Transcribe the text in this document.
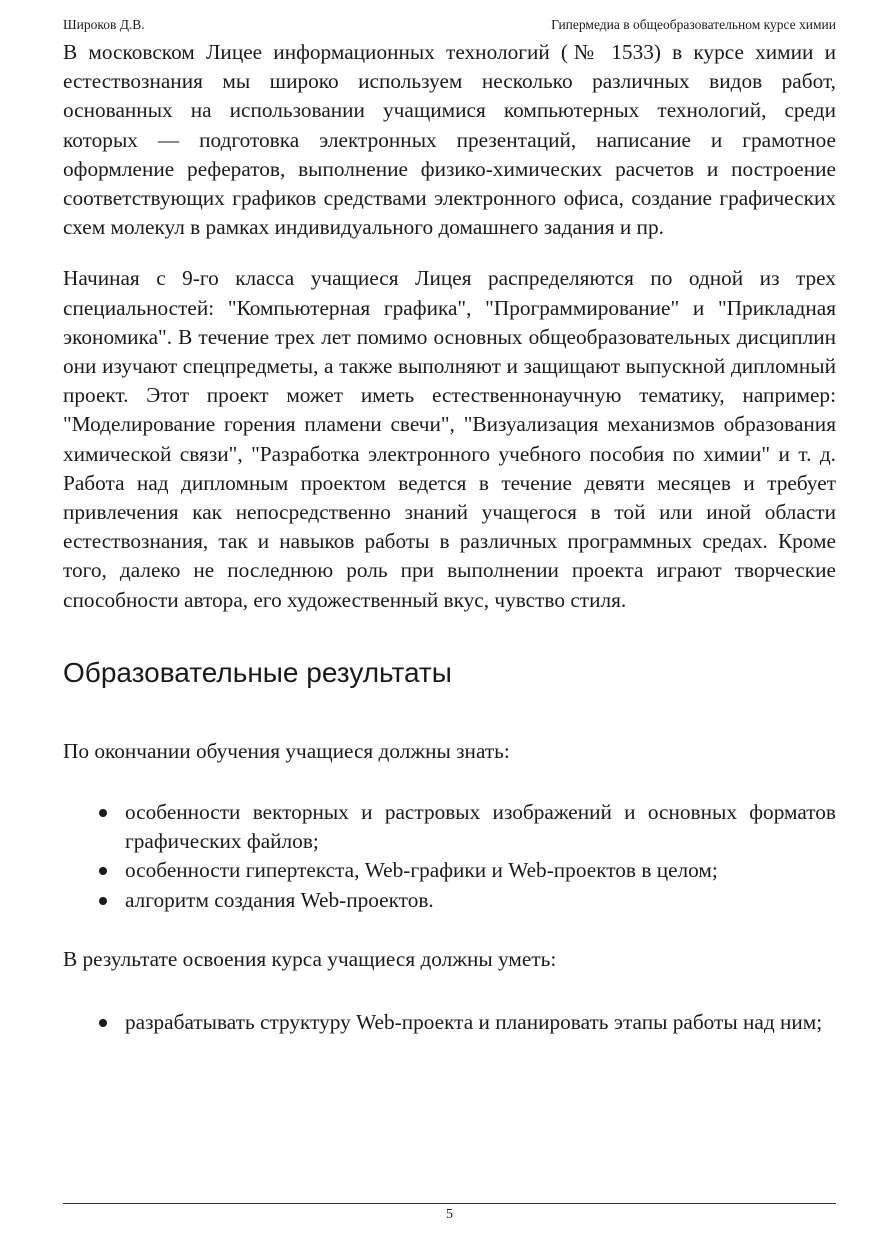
Широков Д.В.	Гипермедиа в общеобразовательном курсе химии

В московском Лицее информационных технологий (№ 1533) в курсе химии и естествознания мы широко используем несколько различных видов работ, основанных на использовании учащимися компьютерных технологий, среди которых — подготовка электронных презентаций, написание и грамотное оформление рефератов, выполнение физико-химических расчетов и построение соответствующих графиков средствами электронного офиса, создание графических схем молекул в рамках индивидуального домашнего задания и пр.

Начиная с 9-го класса учащиеся Лицея распределяются по одной из трех специальностей: "Компьютерная графика", "Программирование" и "Прикладная экономика". В течение трех лет помимо основных общеобразовательных дисциплин они изучают спецпредметы, а также выполняют и защищают выпускной дипломный проект. Этот проект может иметь естественнонаучную тематику, например: "Моделирование горения пламени свечи", "Визуализация механизмов образования химической связи", "Разработка электронного учебного пособия по химии" и т. д. Работа над дипломным проектом ведется в течение девяти месяцев и требует привлечения как непосредственно знаний учащегося в той или иной области естествознания, так и навыков работы в различных программных средах. Кроме того, далеко не последнюю роль при выполнении проекта играют творческие способности автора, его художественный вкус, чувство стиля.

Образовательные результаты

По окончании обучения учащиеся должны знать:

особенности векторных и растровых изображений и основных форматов графических файлов;
особенности гипертекста, Web-графики и Web-проектов в целом;
алгоритм создания Web-проектов.

В результате освоения курса учащиеся должны уметь:

разрабатывать структуру Web-проекта и планировать этапы работы над ним;
5
